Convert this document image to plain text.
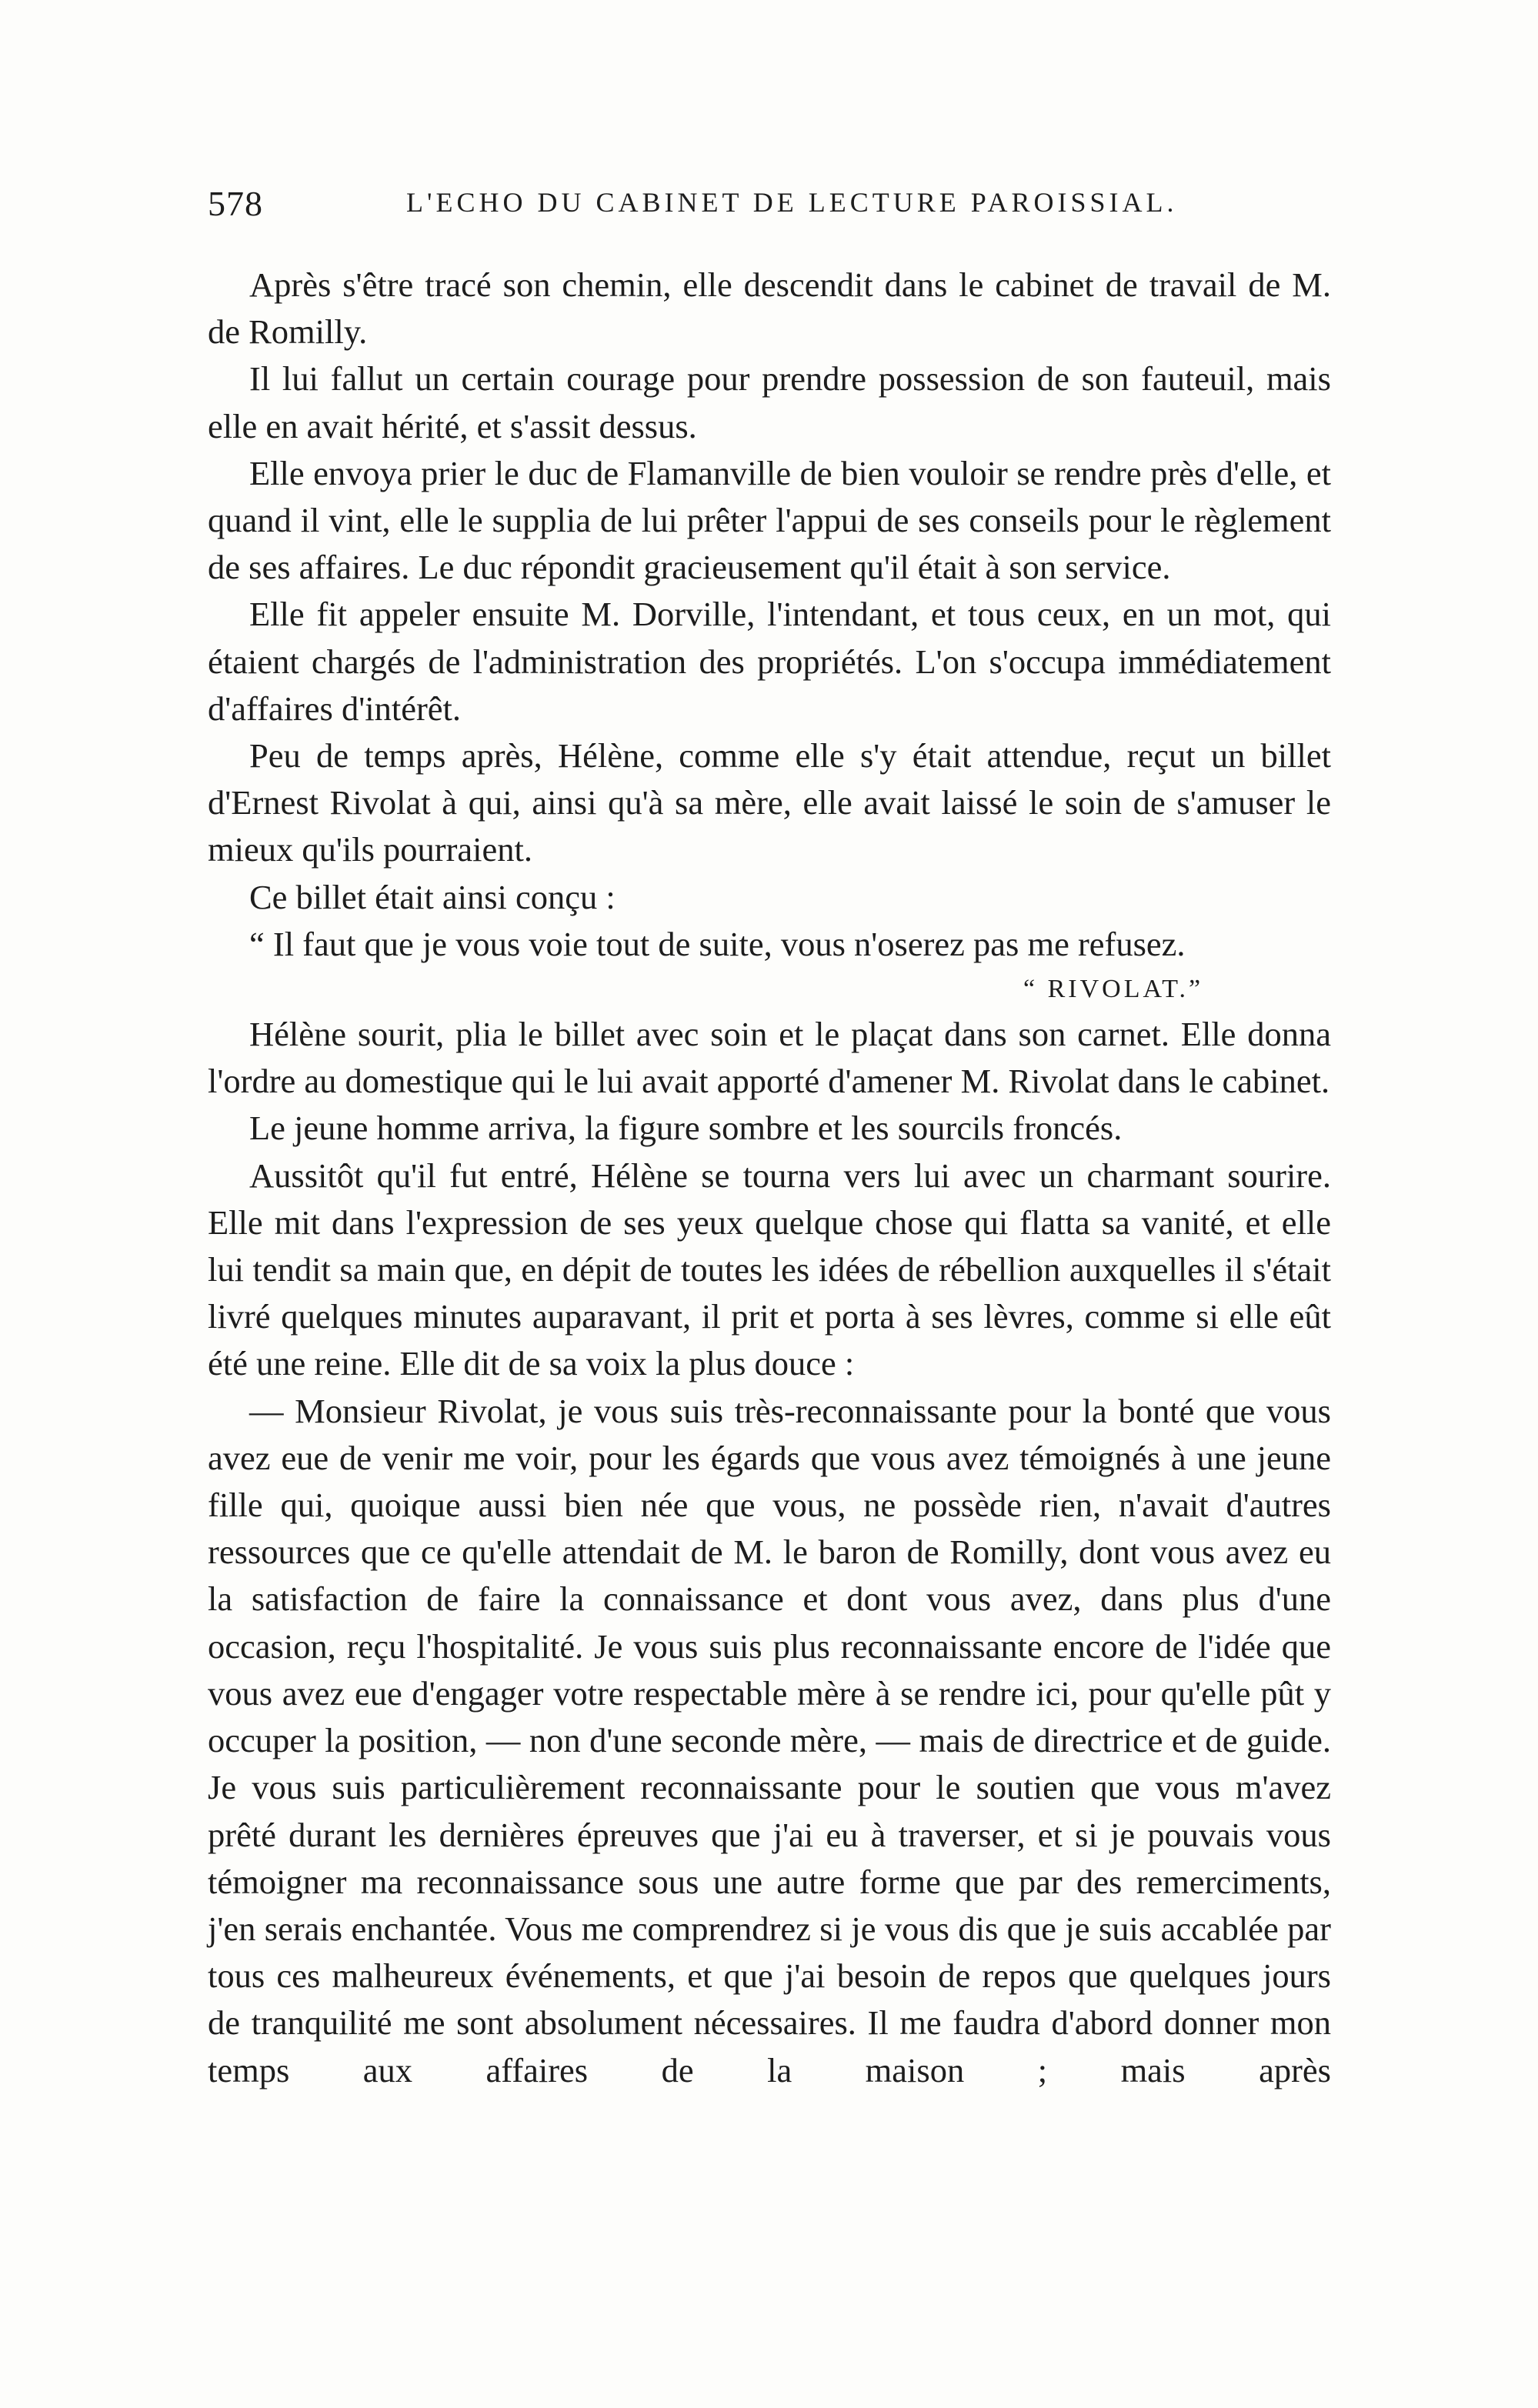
578	L'ECHO DU CABINET DE LECTURE PAROISSIAL.

Après s'être tracé son chemin, elle descendit dans le cabinet de travail de M. de Romilly.

Il lui fallut un certain courage pour prendre possession de son fauteuil, mais elle en avait hérité, et s'assit dessus.

Elle envoya prier le duc de Flamanville de bien vouloir se rendre près d'elle, et quand il vint, elle le supplia de lui prêter l'appui de ses conseils pour le règlement de ses affaires. Le duc répondit gracieusement qu'il était à son service.

Elle fit appeler ensuite M. Dorville, l'intendant, et tous ceux, en un mot, qui étaient chargés de l'administration des propriétés. L'on s'occupa immédiatement d'affaires d'intérêt.

Peu de temps après, Hélène, comme elle s'y était attendue, reçut un billet d'Ernest Rivolat à qui, ainsi qu'à sa mère, elle avait laissé le soin de s'amuser le mieux qu'ils pourraient.

Ce billet était ainsi conçu :

“ Il faut que je vous voie tout de suite, vous n'oserez pas me refusez.

“ RIVOLAT.”

Hélène sourit, plia le billet avec soin et le plaçat dans son carnet. Elle donna l'ordre au domestique qui le lui avait apporté d'amener M. Rivolat dans le cabinet.

Le jeune homme arriva, la figure sombre et les sourcils froncés.

Aussitôt qu'il fut entré, Hélène se tourna vers lui avec un charmant sourire. Elle mit dans l'expression de ses yeux quelque chose qui flatta sa vanité, et elle lui tendit sa main que, en dépit de toutes les idées de rébellion auxquelles il s'était livré quelques minutes auparavant, il prit et porta à ses lèvres, comme si elle eût été une reine. Elle dit de sa voix la plus douce :

— Monsieur Rivolat, je vous suis très-reconnaissante pour la bonté que vous avez eue de venir me voir, pour les égards que vous avez témoignés à une jeune fille qui, quoique aussi bien née que vous, ne possède rien, n'avait d'autres ressources que ce qu'elle attendait de M. le baron de Romilly, dont vous avez eu la satisfaction de faire la connaissance et dont vous avez, dans plus d'une occasion, reçu l'hospitalité. Je vous suis plus reconnaissante encore de l'idée que vous avez eue d'engager votre respectable mère à se rendre ici, pour qu'elle pût y occuper la position, — non d'une seconde mère, — mais de directrice et de guide. Je vous suis particulièrement reconnaissante pour le soutien que vous m'avez prêté durant les dernières épreuves que j'ai eu à traverser, et si je pouvais vous témoigner ma reconnaissance sous une autre forme que par des remerciments, j'en serais enchantée. Vous me comprendrez si je vous dis que je suis accablée par tous ces malheureux événements, et que j'ai besoin de repos que quelques jours de tranquilité me sont absolument nécessaires. Il me faudra d'abord donner mon temps aux affaires de la maison ; mais après
